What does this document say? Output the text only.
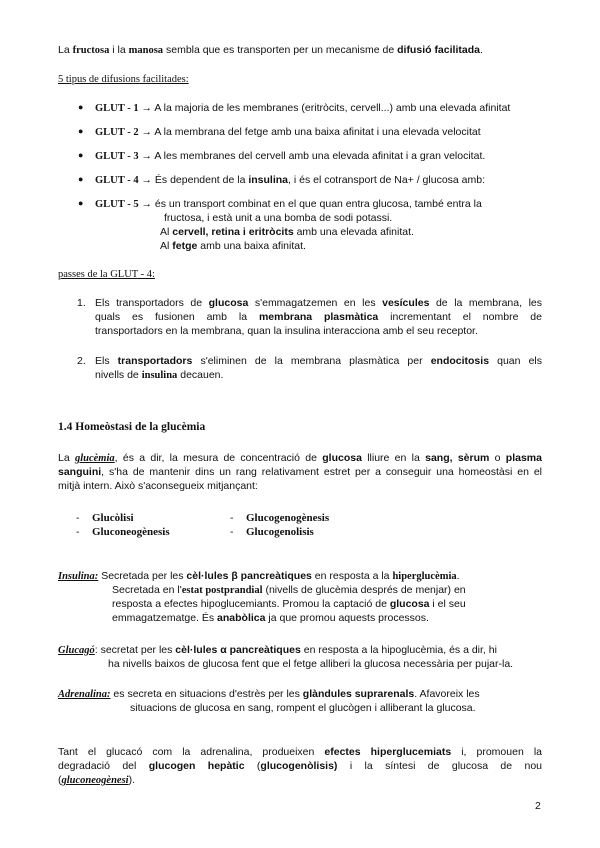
La fructosa i la manosa sembla que es transporten per un mecanisme de difusió facilitada.
5 tipus de difusions facilitades:
● GLUT - 1 → A la majoria de les membranes (eritròcits, cervell...) amb una elevada afinitat
● GLUT - 2 → A la membrana del fetge amb una baixa afinitat i una elevada velocitat
● GLUT - 3 → A les membranes del cervell amb una elevada afinitat i a gran velocitat.
● GLUT - 4 → És dependent de la insulina, i és el cotransport de Na+ / glucosa amb:
● GLUT - 5 → és un transport combinat en el que quan entra glucosa, també entra la
fructosa, i està unit a una bomba de sodi potassi.
Al cervell, retina i eritròcits amb una elevada afinitat.
Al fetge amb una baixa afinitat.
passes de la GLUT - 4:
1. Els transportadors de glucosa s'emmagatzemen en les vesícules de la membrana, les
quals es fusionen amb la membrana plasmàtica incrementant el nombre de
transportadors en la membrana, quan la insulina interacciona amb el seu receptor.
2. Els transportadors s'eliminen de la membrana plasmàtica per endocitosis quan els
nivells de insulina decauen.
1.4 Homeòstasi de la glucèmia
La glucèmia, és a dir, la mesura de concentració de glucosa lliure en la sang, sèrum o plasma
sanguini, s'ha de mantenir dins un rang relativament estret per a conseguir una homeostàsi en el
mitjà intern. Això s'aconsegueix mitjançant:
- Glucòlisi	- Glucogenogènesis
- Gluconeogènesis	- Glucogenolisis
Insulina: Secretada per les cèl·lules β pancreàtiques en resposta a la hiperglucèmia.
Secretada en l'estat postprandial (nivells de glucèmia després de menjar) en
resposta a efectes hipoglucemiants. Promou la captació de glucosa i el seu
emmagatzematge. És anabòlica ja que promou aquests processos.
Glucagó: secretat per les cèl·lules α pancreàtiques en resposta a la hipoglucèmia, és a dir, hi
ha nivells baixos de glucosa fent que el fetge alliberi la glucosa necessària per pujar-la.
Adrenalina: es secreta en situacions d'estrès per les glàndules suprarenals. Afavoreix les
situacions de glucosa en sang, rompent el glucògen i alliberant la glucosa.
Tant el glucacó com la adrenalina, produeixen efectes hiperglucemiats i, promouen la
degradació del glucogen hepàtic (glucogenòlisis) i la síntesi de glucosa de nou
(gluconeogènesi).
2
